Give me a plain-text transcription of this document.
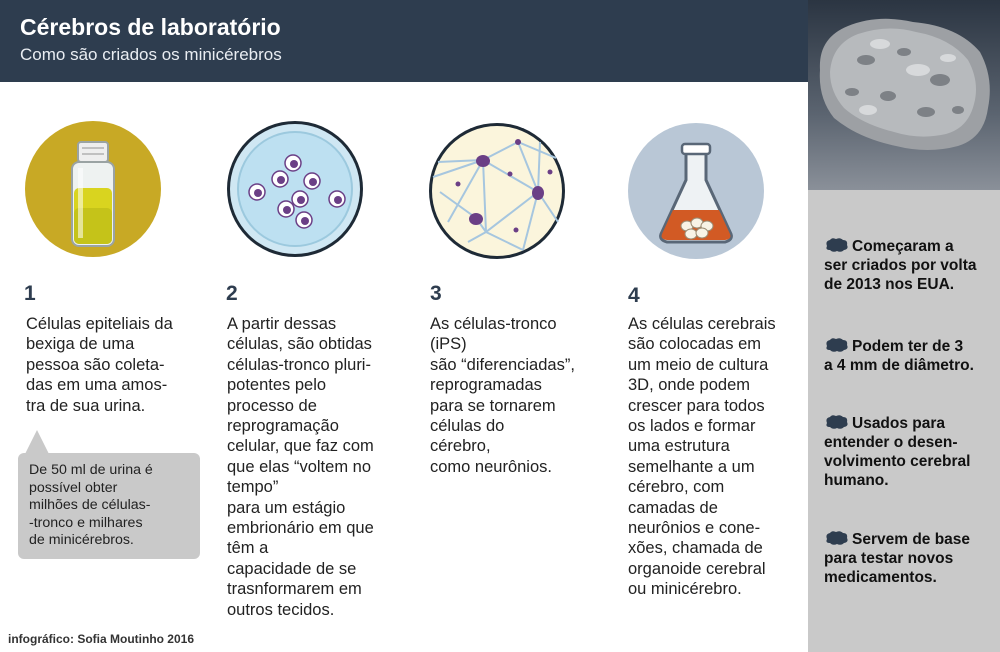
Cérebros de laboratório
Como são criados os minicérebros
1
Células epiteliais da
bexiga de uma
pessoa são coleta-
das em uma amos-
tra de sua urina.
2
A partir dessas
células, são obtidas
células-tronco pluri-
potentes pelo
processo de
reprogramação
celular, que faz com
que elas “voltem no
tempo”
para um estágio
embrionário em que
têm a
capacidade de se
trasnformarem em
outros tecidos.
3
As células-tronco
(iPS)
são “diferenciadas”,
reprogramadas
para se tornarem
células do
cérebro,
como neurônios.
4
As células cerebrais
são colocadas em
um meio de cultura
3D, onde podem
crescer para todos
os lados e formar
uma estrutura
semelhante a um
cérebro, com
camadas de
neurônios e cone-
xões, chamada de
organoide cerebral
ou minicérebro.
De 50 ml de urina é
possível obter
milhões de células-
-tronco e milhares
de minicérebros.

Começaram a
ser criados por volta
de 2013 nos EUA.

Podem ter de 3
a 4 mm de diâmetro.

Usados para
entender o desen-
volvimento cerebral
humano.

Servem de base
para testar novos
medicamentos.

infográfico: Sofia Moutinho 2016
